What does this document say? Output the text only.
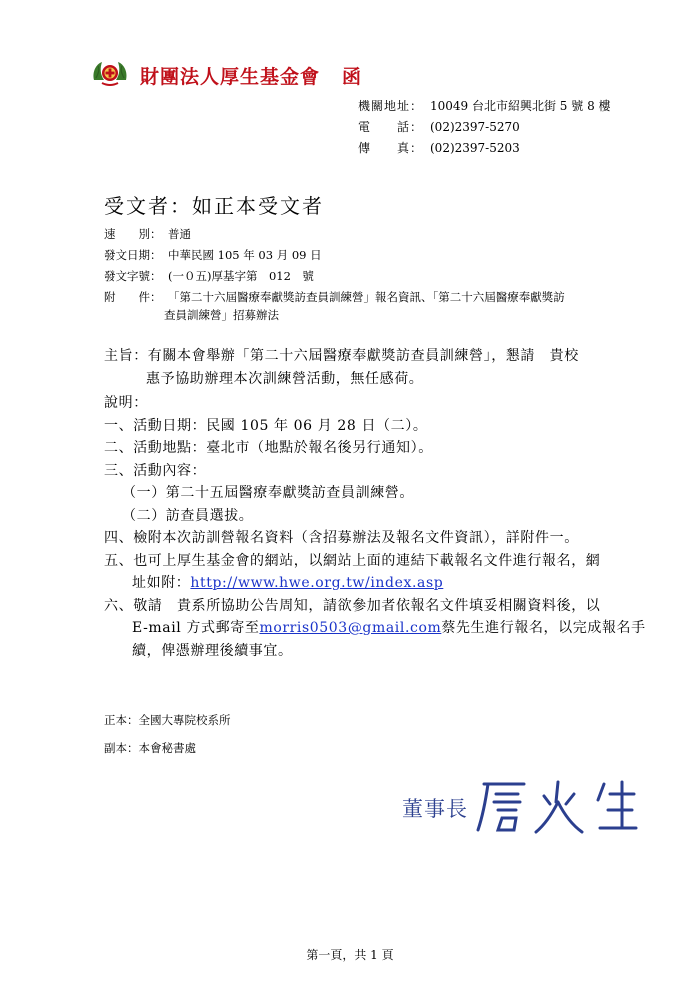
財團法人厚生基金會 函
機關地址： 10049 台北市紹興北街 5 號 8 樓
電　　話： (02)2397-5270
傳　　真： (02)2397-5203
受文者：如正本受文者
速　　別： 普通
發文日期： 中華民國 105 年 03 月 09 日
發文字號： (一０五)厚基字第　012　號
附　　件： 「第二十六屆醫療奉獻獎訪查員訓練營」報名資訊、「第二十六屆醫療奉獻獎訪
查員訓練營」招募辦法
主旨：有關本會舉辦「第二十六屆醫療奉獻獎訪查員訓練營」，懇請　貴校
惠予協助辦理本次訓練營活動，無任感荷。
說明：
一、活動日期：民國 105 年 06 月 28 日（二）。
二、活動地點：臺北市（地點於報名後另行通知）。
三、活動內容：
（一）第二十五屆醫療奉獻獎訪查員訓練營。
（二）訪查員選拔。
四、檢附本次訪訓營報名資料（含招募辦法及報名文件資訊），詳附件一。
五、也可上厚生基金會的網站，以網站上面的連結下載報名文件進行報名，網
址如附：http://www.hwe.org.tw/index.asp
六、敬請　貴系所協助公告周知，請欲參加者依報名文件填妥相關資料後，以
E-mail 方式郵寄至morris0503@gmail.com蔡先生進行報名，以完成報名手
續，俾憑辦理後續事宜。
正本：全國大專院校系所
副本：本會秘書處
董事長
第一頁，共 1 頁
